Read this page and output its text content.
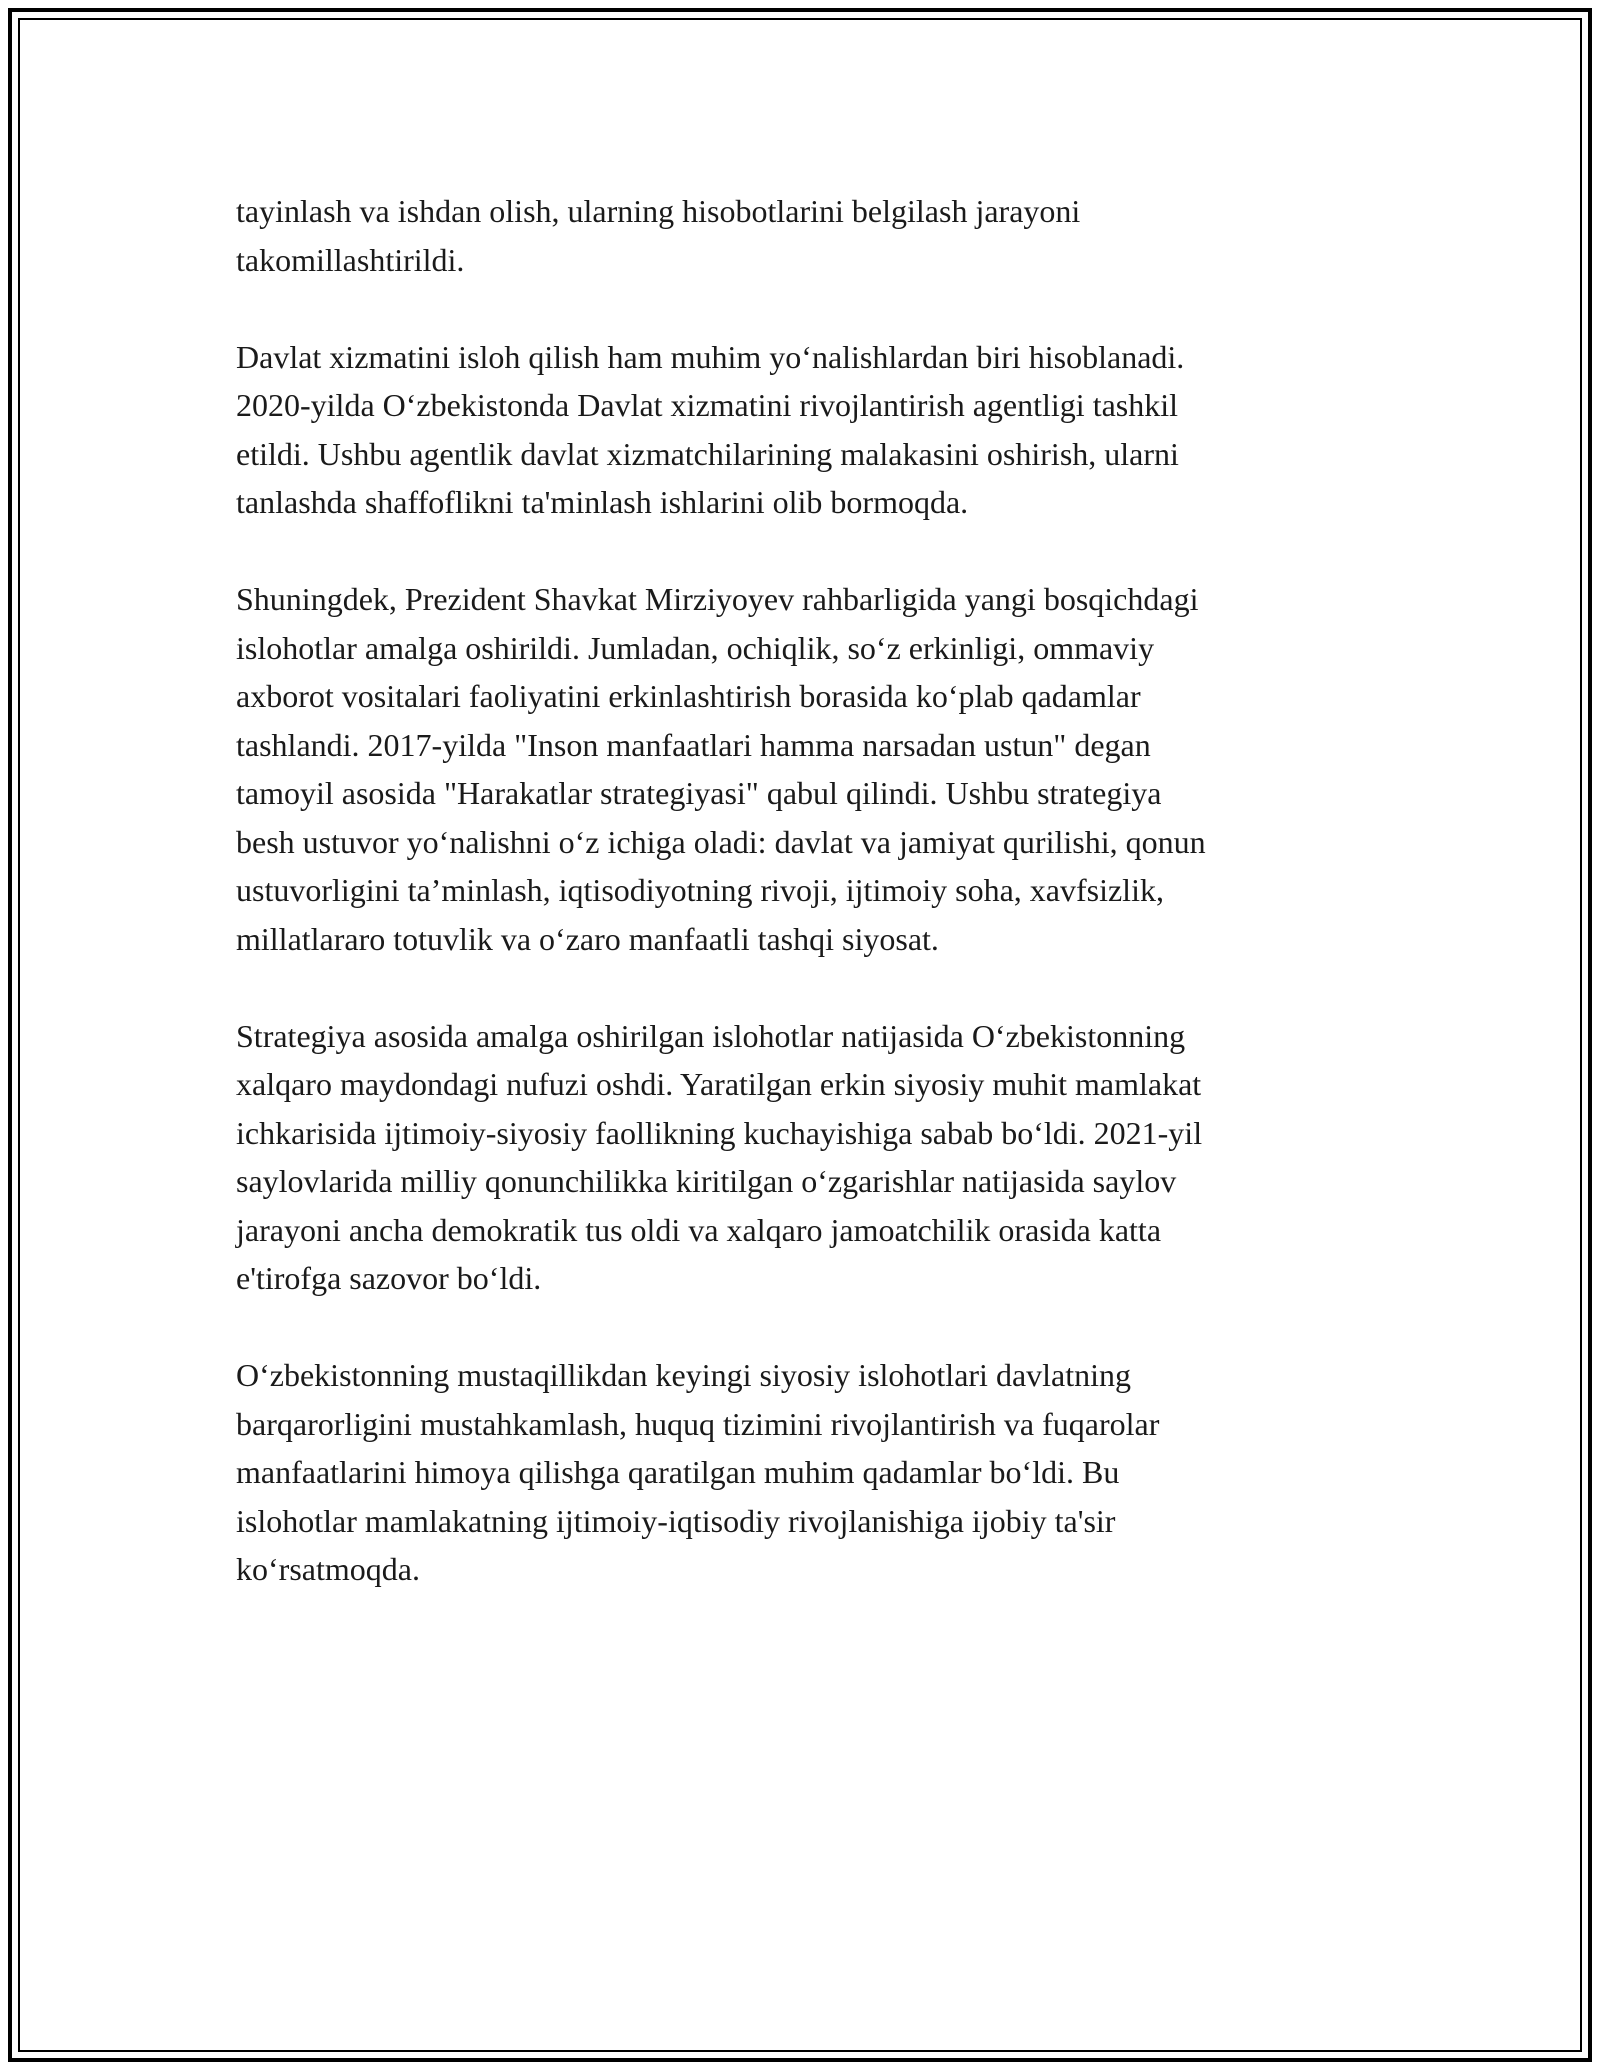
tayinlash va ishdan olish, ularning hisobotlarini belgilash jarayoni
takomillashtirildi.

Davlat xizmatini isloh qilish ham muhim yo‘nalishlardan biri hisoblanadi.
2020-yilda O‘zbekistonda Davlat xizmatini rivojlantirish agentligi tashkil
etildi. Ushbu agentlik davlat xizmatchilarining malakasini oshirish, ularni
tanlashda shaffoflikni ta'minlash ishlarini olib bormoqda.

Shuningdek, Prezident Shavkat Mirziyoyev rahbarligida yangi bosqichdagi
islohotlar amalga oshirildi. Jumladan, ochiqlik, so‘z erkinligi, ommaviy
axborot vositalari faoliyatini erkinlashtirish borasida ko‘plab qadamlar
tashlandi. 2017-yilda "Inson manfaatlari hamma narsadan ustun" degan
tamoyil asosida "Harakatlar strategiyasi" qabul qilindi. Ushbu strategiya
besh ustuvor yo‘nalishni o‘z ichiga oladi: davlat va jamiyat qurilishi, qonun
ustuvorligini ta’minlash, iqtisodiyotning rivoji, ijtimoiy soha, xavfsizlik,
millatlararo totuvlik va o‘zaro manfaatli tashqi siyosat.

Strategiya asosida amalga oshirilgan islohotlar natijasida O‘zbekistonning
xalqaro maydondagi nufuzi oshdi. Yaratilgan erkin siyosiy muhit mamlakat
ichkarisida ijtimoiy-siyosiy faollikning kuchayishiga sabab bo‘ldi. 2021-yil
saylovlarida milliy qonunchilikka kiritilgan o‘zgarishlar natijasida saylov
jarayoni ancha demokratik tus oldi va xalqaro jamoatchilik orasida katta
e'tirofga sazovor bo‘ldi.

O‘zbekistonning mustaqillikdan keyingi siyosiy islohotlari davlatning
barqarorligini mustahkamlash, huquq tizimini rivojlantirish va fuqarolar
manfaatlarini himoya qilishga qaratilgan muhim qadamlar bo‘ldi. Bu
islohotlar mamlakatning ijtimoiy-iqtisodiy rivojlanishiga ijobiy ta'sir
ko‘rsatmoqda.
